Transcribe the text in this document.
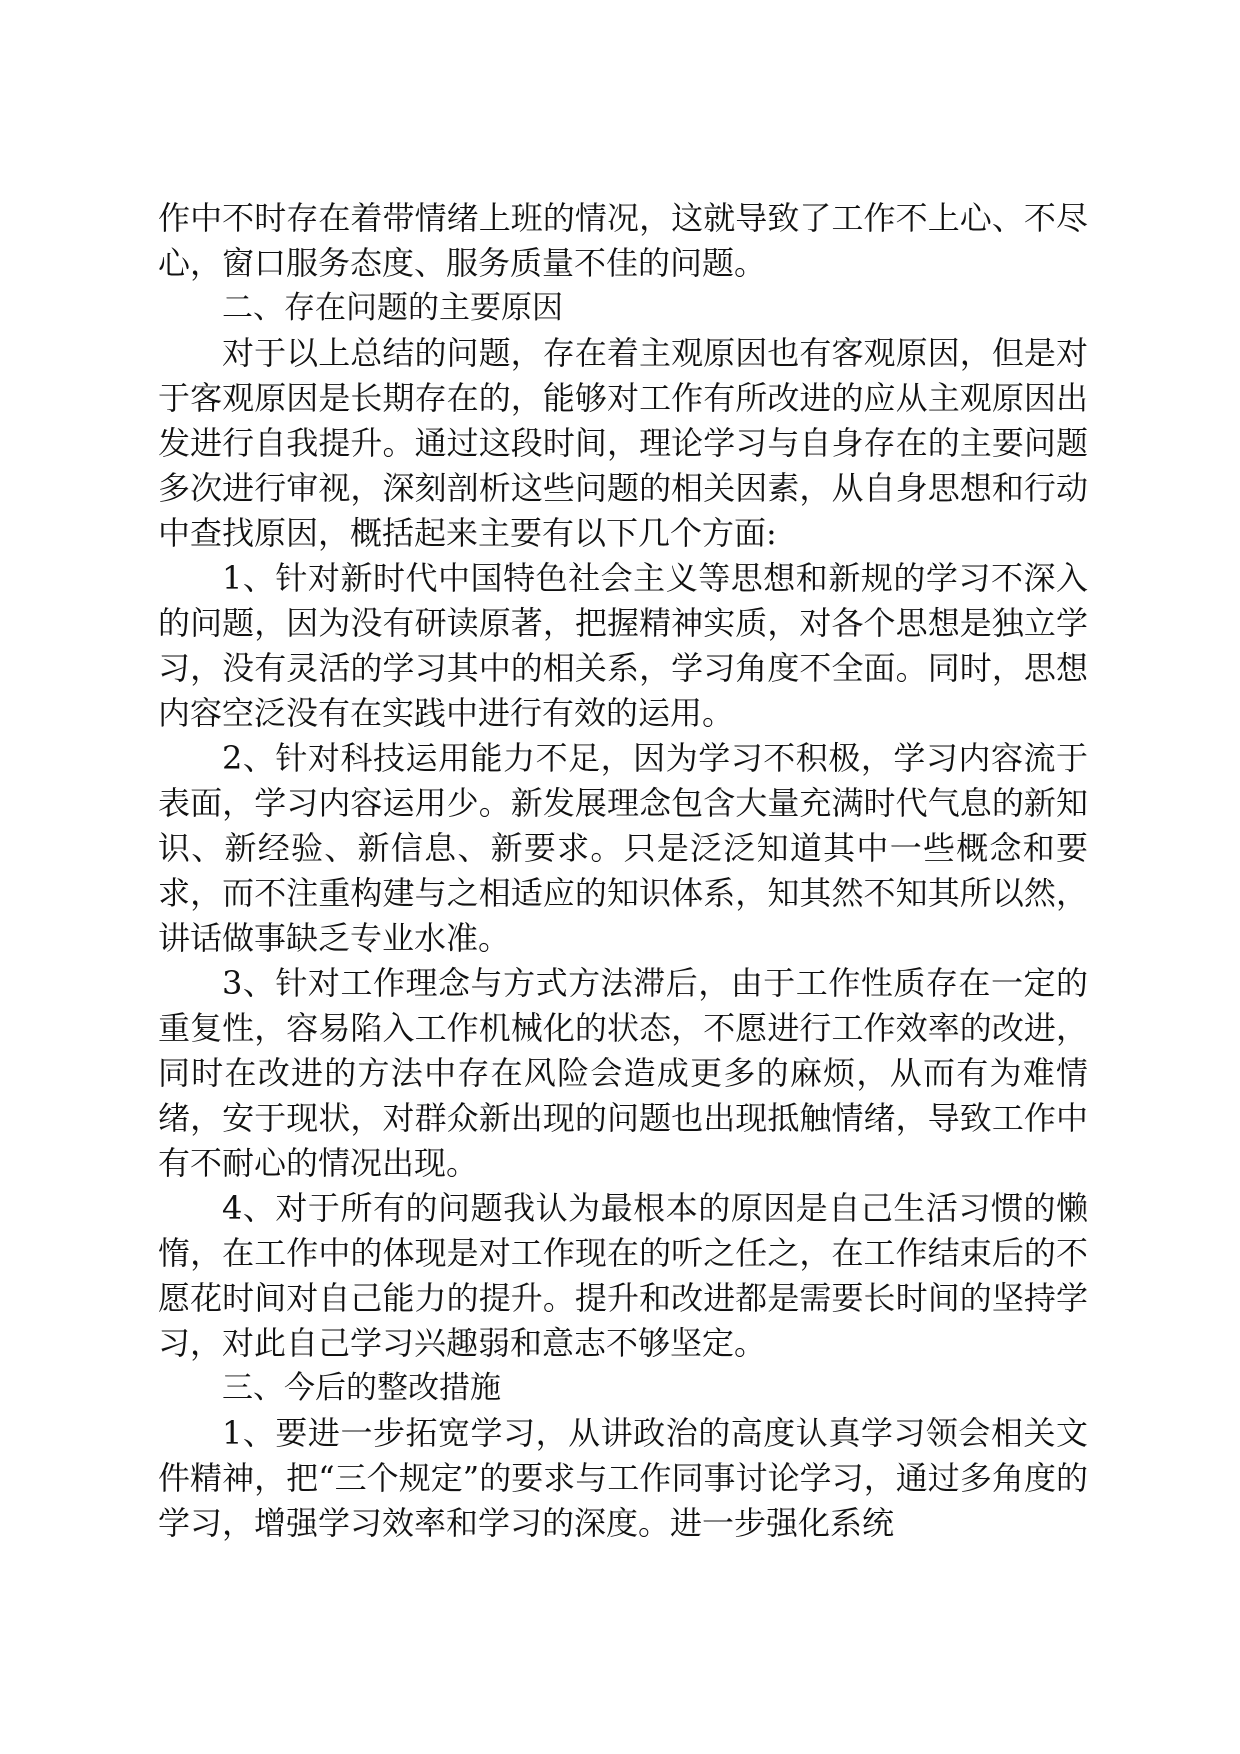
作中不时存在着带情绪上班的情况，这就导致了工作不上心、不尽心，窗口服务态度、服务质量不佳的问题。

二、存在问题的主要原因

对于以上总结的问题，存在着主观原因也有客观原因，但是对于客观原因是长期存在的，能够对工作有所改进的应从主观原因出发进行自我提升。通过这段时间，理论学习与自身存在的主要问题多次进行审视，深刻剖析这些问题的相关因素，从自身思想和行动中查找原因，概括起来主要有以下几个方面:

1、针对新时代中国特色社会主义等思想和新规的学习不深入的问题，因为没有研读原著，把握精神实质，对各个思想是独立学习，没有灵活的学习其中的相关系，学习角度不全面。同时，思想内容空泛没有在实践中进行有效的运用。

2、针对科技运用能力不足，因为学习不积极，学习内容流于表面，学习内容运用少。新发展理念包含大量充满时代气息的新知识、新经验、新信息、新要求。只是泛泛知道其中一些概念和要求，而不注重构建与之相适应的知识体系，知其然不知其所以然，讲话做事缺乏专业水准。

3、针对工作理念与方式方法滞后，由于工作性质存在一定的重复性，容易陷入工作机械化的状态，不愿进行工作效率的改进，同时在改进的方法中存在风险会造成更多的麻烦，从而有为难情绪，安于现状，对群众新出现的问题也出现抵触情绪，导致工作中有不耐心的情况出现。

4、对于所有的问题我认为最根本的原因是自己生活习惯的懒惰，在工作中的体现是对工作现在的听之任之，在工作结束后的不愿花时间对自己能力的提升。提升和改进都是需要长时间的坚持学习，对此自己学习兴趣弱和意志不够坚定。

三、今后的整改措施

1、要进一步拓宽学习，从讲政治的高度认真学习领会相关文件精神，把“三个规定”的要求与工作同事讨论学习，通过多角度的学习，增强学习效率和学习的深度。进一步强化系统
